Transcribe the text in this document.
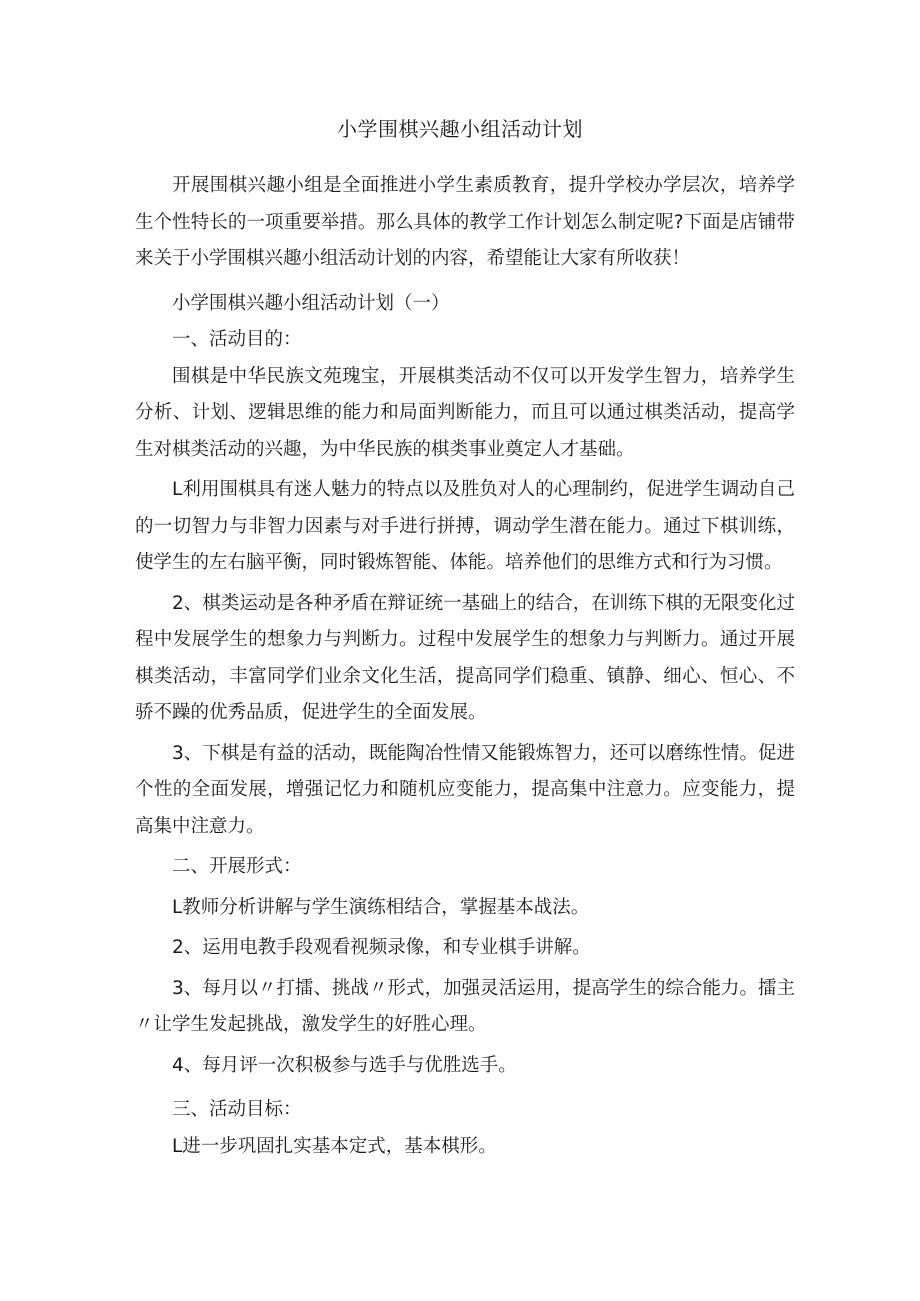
小学围棋兴趣小组活动计划

开展围棋兴趣小组是全面推进小学生素质教育，提升学校办学层次，培养学生个性特长的一项重要举措。那么具体的教学工作计划怎么制定呢?下面是店铺带来关于小学围棋兴趣小组活动计划的内容，希望能让大家有所收获！

小学围棋兴趣小组活动计划（一）

一、活动目的：

围棋是中华民族文苑瑰宝，开展棋类活动不仅可以开发学生智力，培养学生分析、计划、逻辑思维的能力和局面判断能力，而且可以通过棋类活动，提高学生对棋类活动的兴趣，为中华民族的棋类事业奠定人才基础。

L利用围棋具有迷人魅力的特点以及胜负对人的心理制约，促进学生调动自己的一切智力与非智力因素与对手进行拼搏，调动学生潜在能力。通过下棋训练，使学生的左右脑平衡，同时锻炼智能、体能。培养他们的思维方式和行为习惯。

2、棋类运动是各种矛盾在辩证统一基础上的结合，在训练下棋的无限变化过程中发展学生的想象力与判断力。过程中发展学生的想象力与判断力。通过开展棋类活动，丰富同学们业余文化生活，提高同学们稳重、镇静、细心、恒心、不骄不躁的优秀品质，促进学生的全面发展。

3、下棋是有益的活动，既能陶冶性情又能锻炼智力，还可以磨练性情。促进个性的全面发展，增强记忆力和随机应变能力，提高集中注意力。应变能力，提高集中注意力。

二、开展形式：

L教师分析讲解与学生演练相结合，掌握基本战法。

2、运用电教手段观看视频录像，和专业棋手讲解。

3、每月以〃打擂、挑战〃形式，加强灵活运用，提高学生的综合能力。擂主〃让学生发起挑战，激发学生的好胜心理。

4、每月评一次积极参与选手与优胜选手。

三、活动目标：

L进一步巩固扎实基本定式，基本棋形。
